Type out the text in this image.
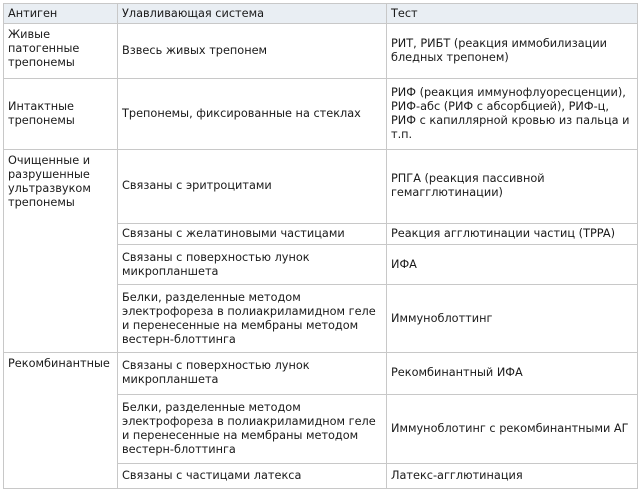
Антиген	Улавливающая система	Тест
Живые патогенные трепонемы	Взвесь живых трепонем	РИТ, РИБТ (реакция иммобилизации бледных трепонем)
Интактные трепонемы	Трепонемы, фиксированные на стеклах	РИФ (реакция иммунофлуоресценции), РИФ-абс (РИФ с абсорбцией), РИФ-ц, РИФ с капиллярной кровью из пальца и т.п.
Очищенные и разрушенные ультразвуком трепонемы	Связаны с эритроцитами	РПГА (реакция пассивной гемагглютинации)
	Связаны с желатиновыми частицами	Реакция агглютинации частиц (TPPA)
	Связаны с поверхностью лунок микропланшета	ИФА
	Белки, разделенные методом электрофореза в полиакриламидном геле и перенесенные на мембраны методом вестерн-блоттинга	Иммуноблоттинг
Рекомбинантные	Связаны с поверхностью лунок микропланшета	Рекомбинантный ИФА
	Белки, разделенные методом электрофореза в полиакриламидном геле и перенесенные на мембраны методом вестерн-блоттинга	Иммуноблотинг с рекомбинантными АГ
	Связаны с частицами латекса	Латекс-агглютинация
